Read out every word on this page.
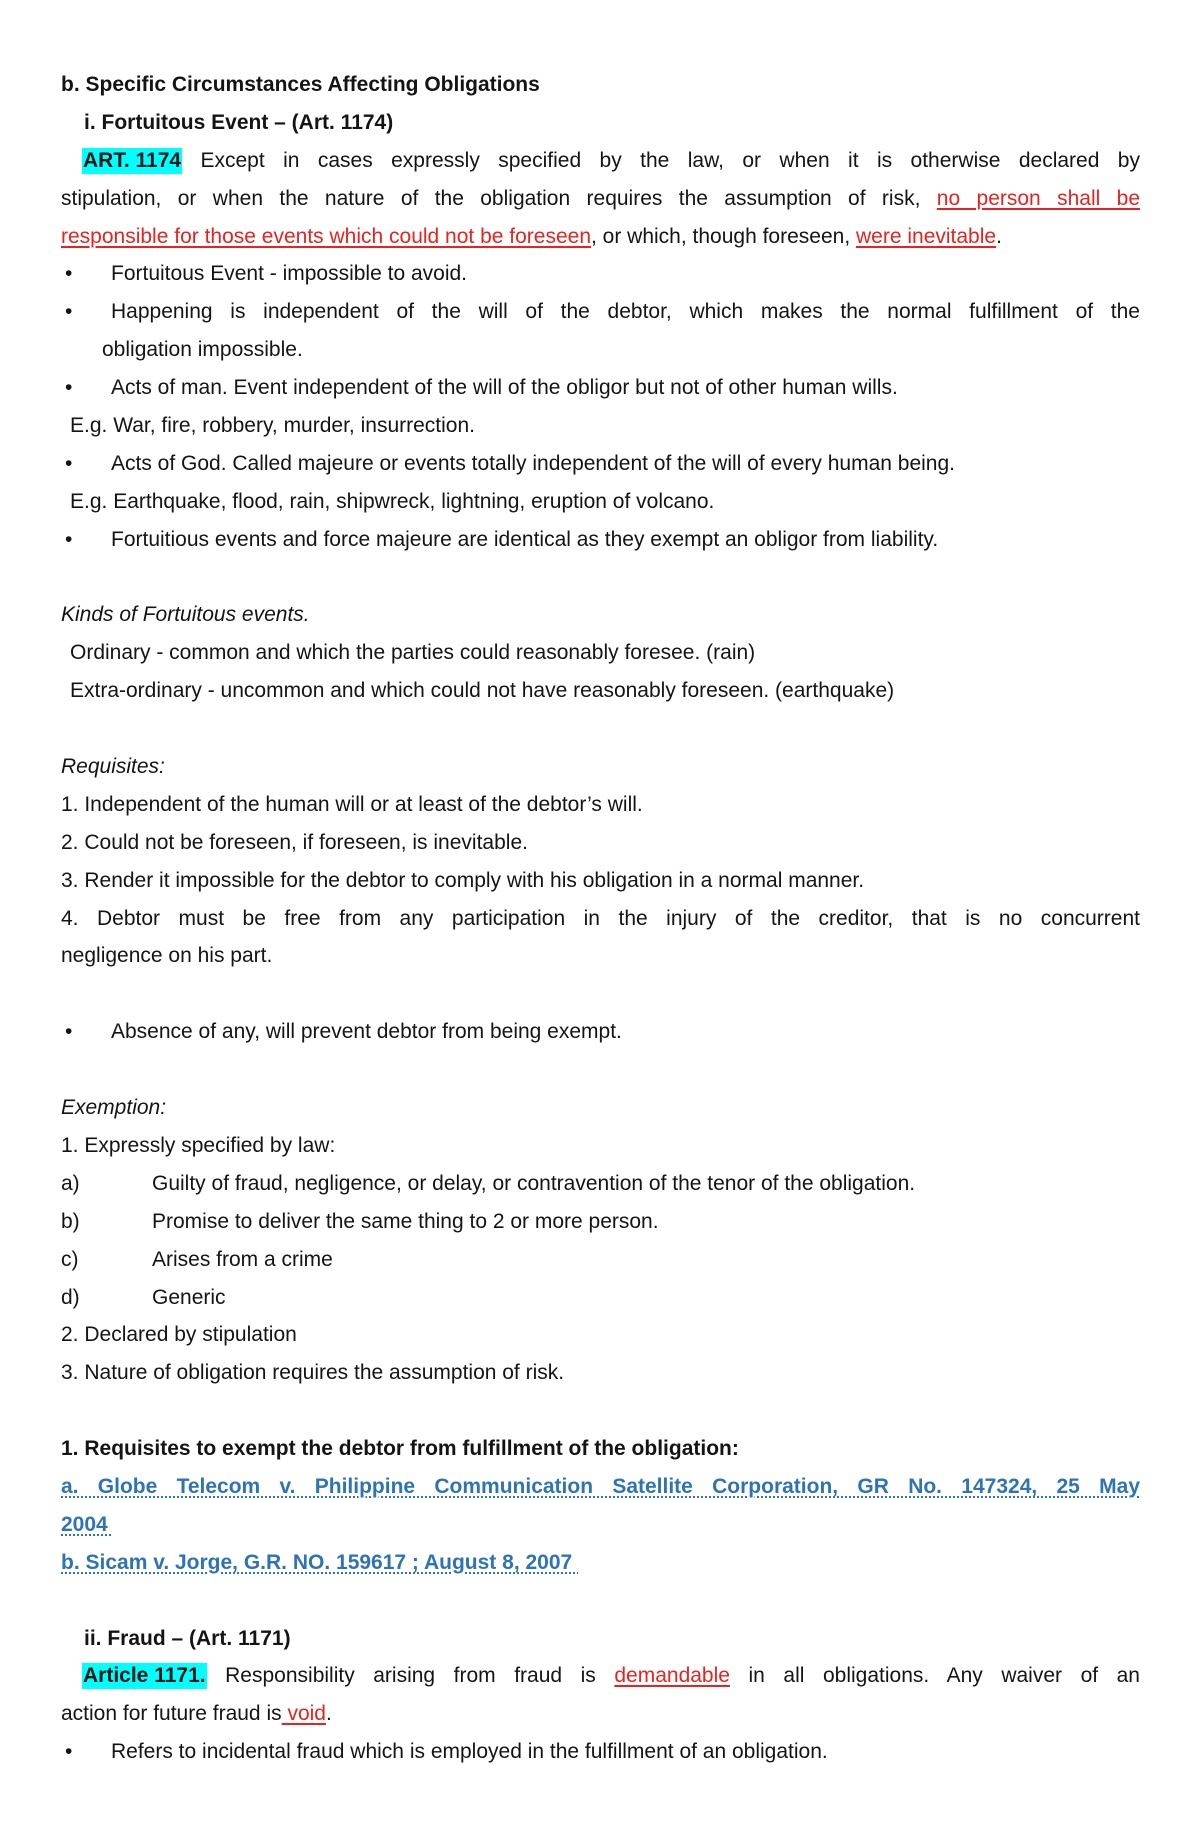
b. Specific Circumstances Affecting Obligations
i. Fortuitous Event – (Art. 1174)
ART. 1174 Except in cases expressly specified by the law, or when it is otherwise declared by
stipulation, or when the nature of the obligation requires the assumption of risk, no person shall be
responsible for those events which could not be foreseen, or which, though foreseen, were inevitable.
• Fortuitous Event - impossible to avoid.
• Happening is independent of the will of the debtor, which makes the normal fulfillment of the
obligation impossible.
• Acts of man. Event independent of the will of the obligor but not of other human wills.
E.g. War, fire, robbery, murder, insurrection.
• Acts of God. Called majeure or events totally independent of the will of every human being.
E.g. Earthquake, flood, rain, shipwreck, lightning, eruption of volcano.
• Fortuitious events and force majeure are identical as they exempt an obligor from liability.
Kinds of Fortuitous events.
Ordinary - common and which the parties could reasonably foresee. (rain)
Extra-ordinary - uncommon and which could not have reasonably foreseen. (earthquake)
Requisites:
1. Independent of the human will or at least of the debtor’s will.
2. Could not be foreseen, if foreseen, is inevitable.
3. Render it impossible for the debtor to comply with his obligation in a normal manner.
4. Debtor must be free from any participation in the injury of the creditor, that is no concurrent
negligence on his part.
• Absence of any, will prevent debtor from being exempt.
Exemption:
1. Expressly specified by law:
a)	Guilty of fraud, negligence, or delay, or contravention of the tenor of the obligation.
b)	Promise to deliver the same thing to 2 or more person.
c)	Arises from a crime
d)	Generic
2. Declared by stipulation
3. Nature of obligation requires the assumption of risk.
1. Requisites to exempt the debtor from fulfillment of the obligation:
a. Globe Telecom v. Philippine Communication Satellite Corporation, GR No. 147324, 25 May
2004
b. Sicam v. Jorge, G.R. NO. 159617 ; August 8, 2007
ii. Fraud – (Art. 1171)
Article 1171. Responsibility arising from fraud is demandable in all obligations. Any waiver of an
action for future fraud is void.
• Refers to incidental fraud which is employed in the fulfillment of an obligation.
